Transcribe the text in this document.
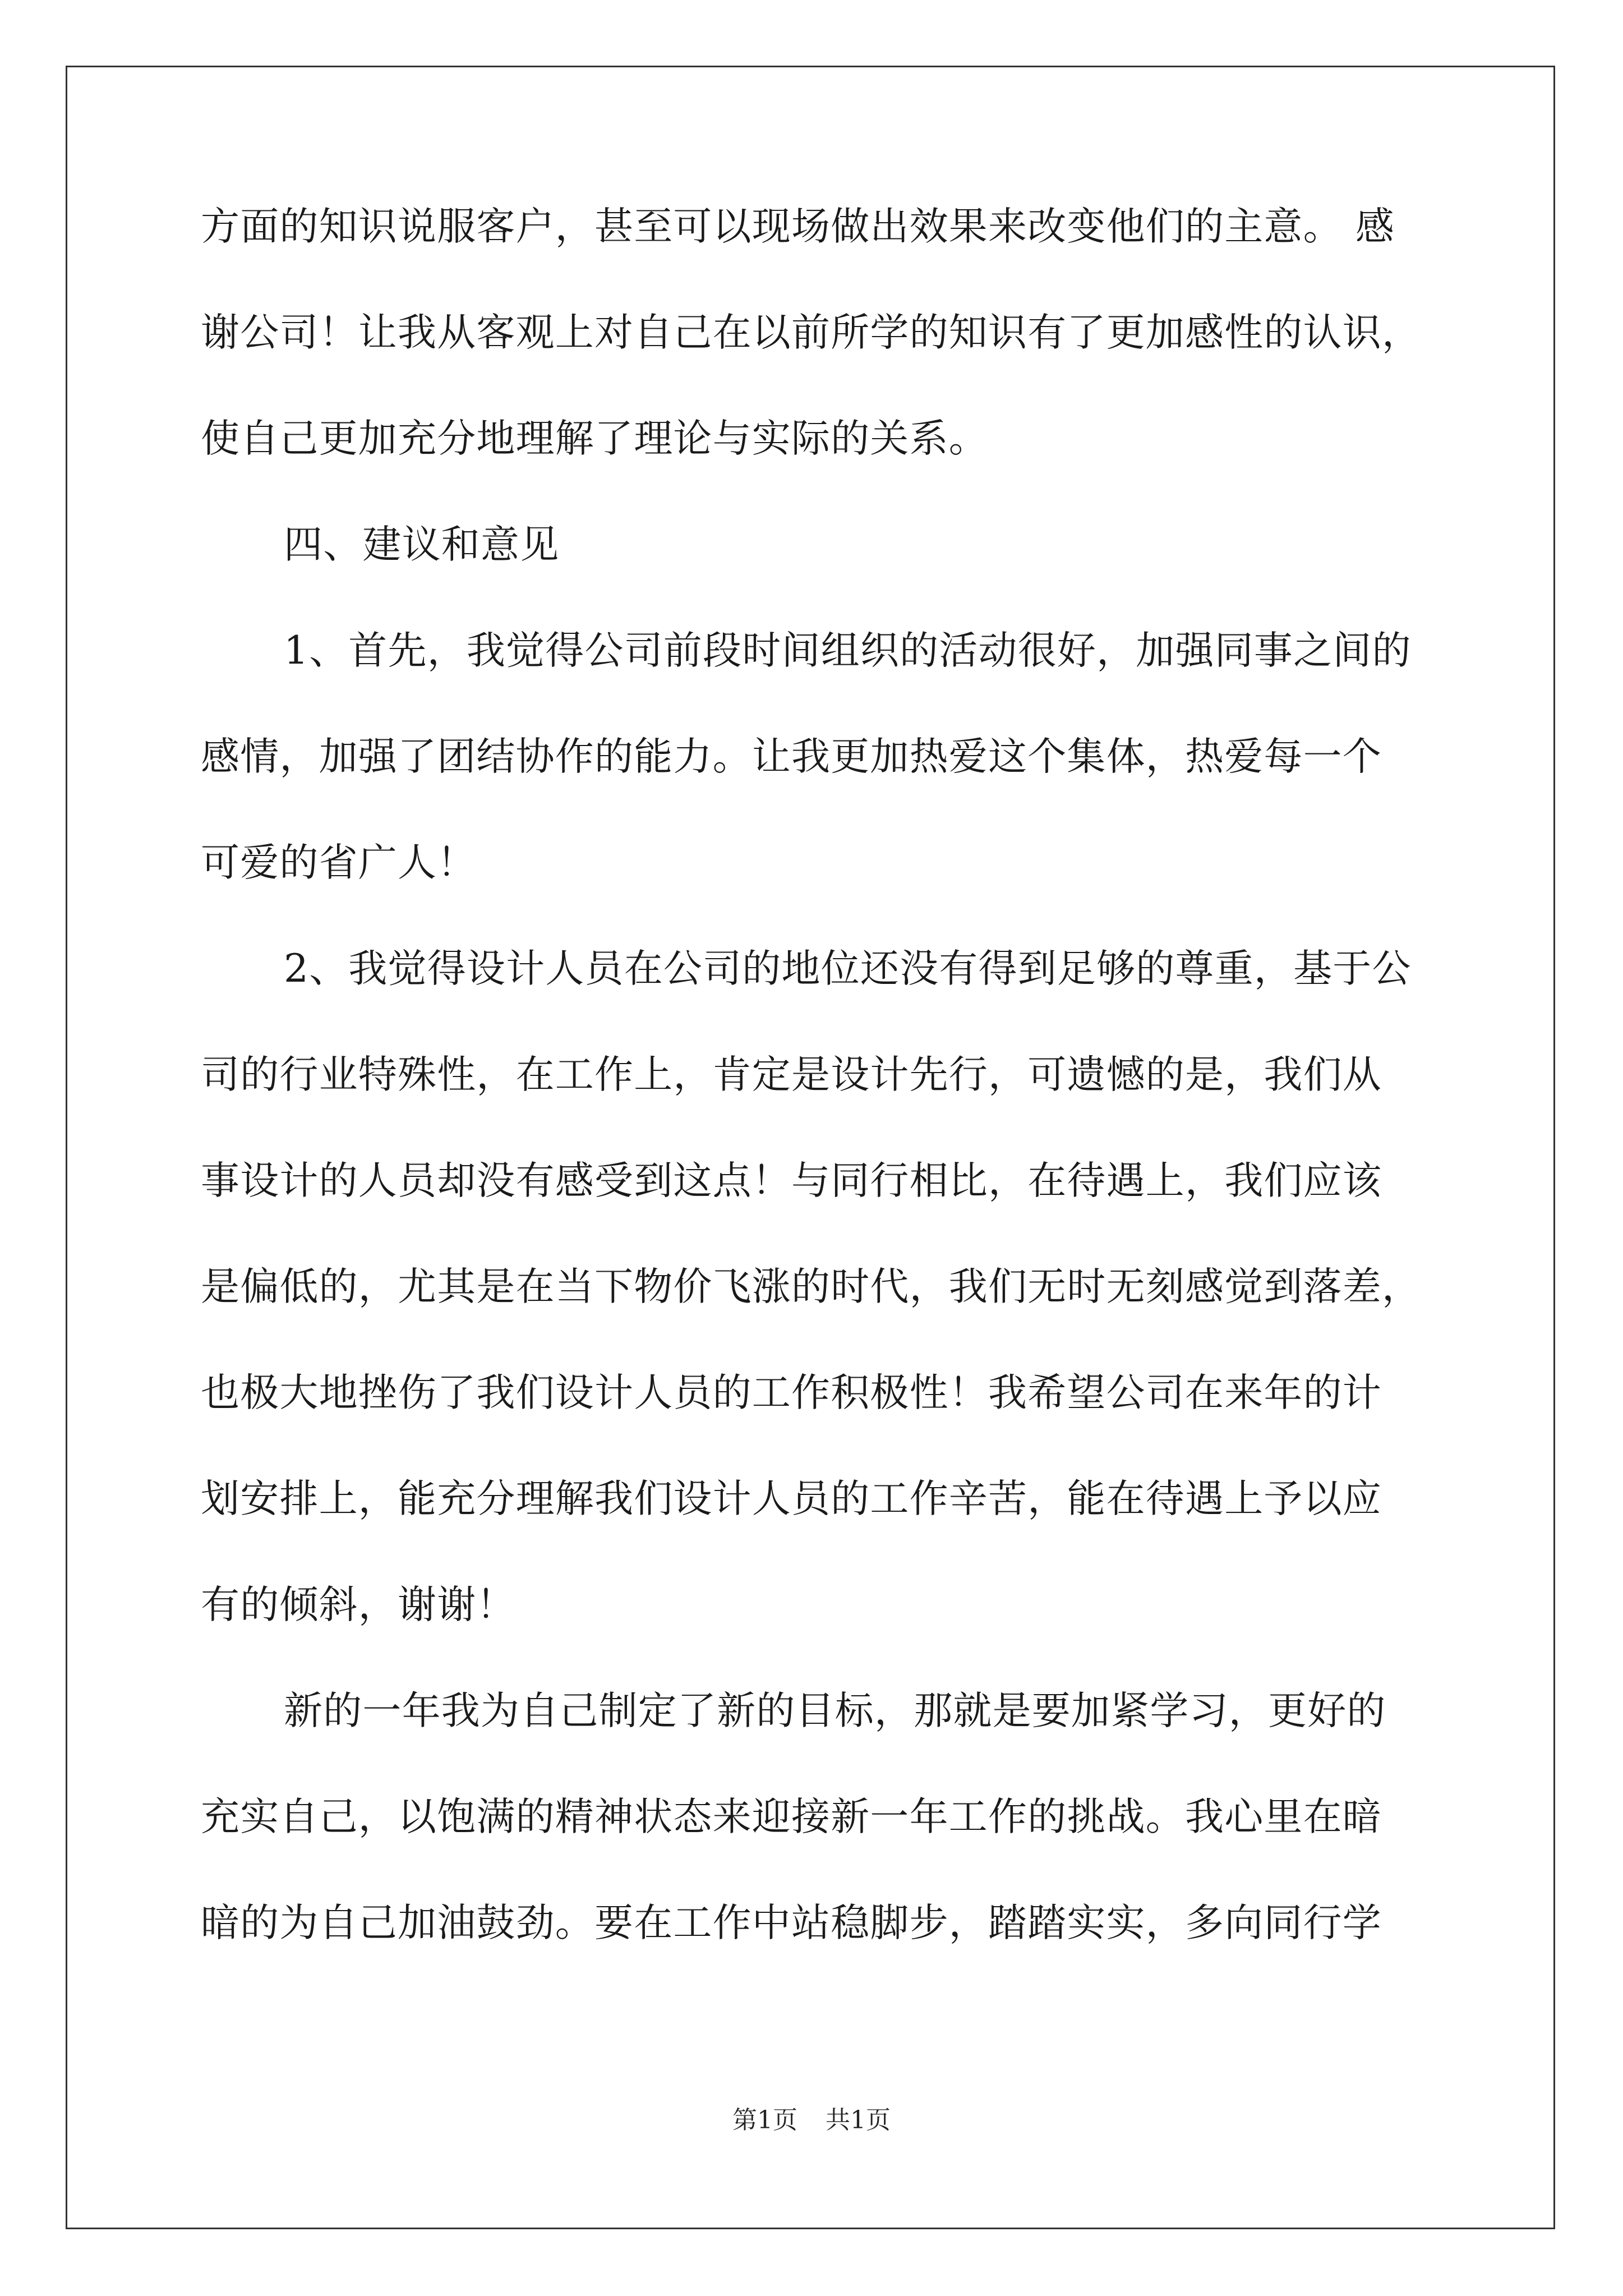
方面的知识说服客户，甚至可以现场做出效果来改变他们的主意。 感
谢公司！让我从客观上对自己在以前所学的知识有了更加感性的认识，
使自己更加充分地理解了理论与实际的关系。
四、建议和意见
1、首先，我觉得公司前段时间组织的活动很好，加强同事之间的
感情，加强了团结协作的能力。让我更加热爱这个集体，热爱每一个
可爱的省广人！
2、我觉得设计人员在公司的地位还没有得到足够的尊重，基于公
司的行业特殊性，在工作上，肯定是设计先行，可遗憾的是，我们从
事设计的人员却没有感受到这点！与同行相比，在待遇上，我们应该
是偏低的，尤其是在当下物价飞涨的时代，我们无时无刻感觉到落差，
也极大地挫伤了我们设计人员的工作积极性！我希望公司在来年的计
划安排上，能充分理解我们设计人员的工作辛苦，能在待遇上予以应
有的倾斜，谢谢！
新的一年我为自己制定了新的目标，那就是要加紧学习，更好的
充实自己，以饱满的精神状态来迎接新一年工作的挑战。我心里在暗
暗的为自己加油鼓劲。要在工作中站稳脚步，踏踏实实，多向同行学
第1页 共1页
